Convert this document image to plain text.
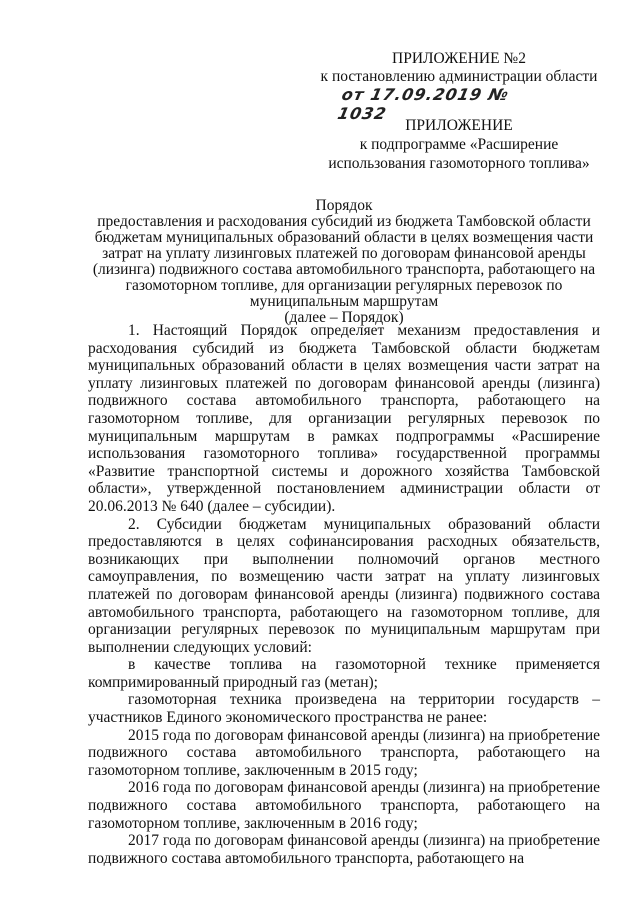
ПРИЛОЖЕНИЕ №2
к постановлению администрации области
от 17.09.2019 № 1032
ПРИЛОЖЕНИЕ
к подпрограмме «Расширение
использования газомоторного топлива»
Порядок
предоставления и расходования субсидий из бюджета Тамбовской области
бюджетам муниципальных образований области в целях возмещения части
затрат на уплату лизинговых платежей по договорам финансовой аренды
(лизинга) подвижного состава автомобильного транспорта, работающего на
газомоторном топливе, для организации регулярных перевозок по
муниципальным маршрутам
(далее – Порядок)

1. Настоящий Порядок определяет механизм предоставления и расходования субсидий из бюджета Тамбовской области бюджетам муниципальных образований области в целях возмещения части затрат на уплату лизинговых платежей по договорам финансовой аренды (лизинга) подвижного состава автомобильного транспорта, работающего на газомоторном топливе, для организации регулярных перевозок по муниципальным маршрутам в рамках подпрограммы «Расширение использования газомоторного топлива» государственной программы «Развитие транспортной системы и дорожного хозяйства Тамбовской области», утвержденной постановлением администрации области от 20.06.2013 № 640 (далее – субсидии).

2. Субсидии бюджетам муниципальных образований области предоставляются в целях софинансирования расходных обязательств, возникающих при выполнении полномочий органов местного самоуправления, по возмещению части затрат на уплату лизинговых платежей по договорам финансовой аренды (лизинга) подвижного состава автомобильного транспорта, работающего на газомоторном топливе, для организации регулярных перевозок по муниципальным маршрутам при выполнении следующих условий:

в качестве топлива на газомоторной технике применяется компримированный природный газ (метан);

газомоторная техника произведена на территории государств – участников Единого экономического пространства не ранее:

2015 года по договорам финансовой аренды (лизинга) на приобретение подвижного состава автомобильного транспорта, работающего на газомоторном топливе, заключенным в 2015 году;

2016 года по договорам финансовой аренды (лизинга) на приобретение подвижного состава автомобильного транспорта, работающего на газомоторном топливе, заключенным в 2016 году;

2017 года по договорам финансовой аренды (лизинга) на приобретение подвижного состава автомобильного транспорта, работающего на
